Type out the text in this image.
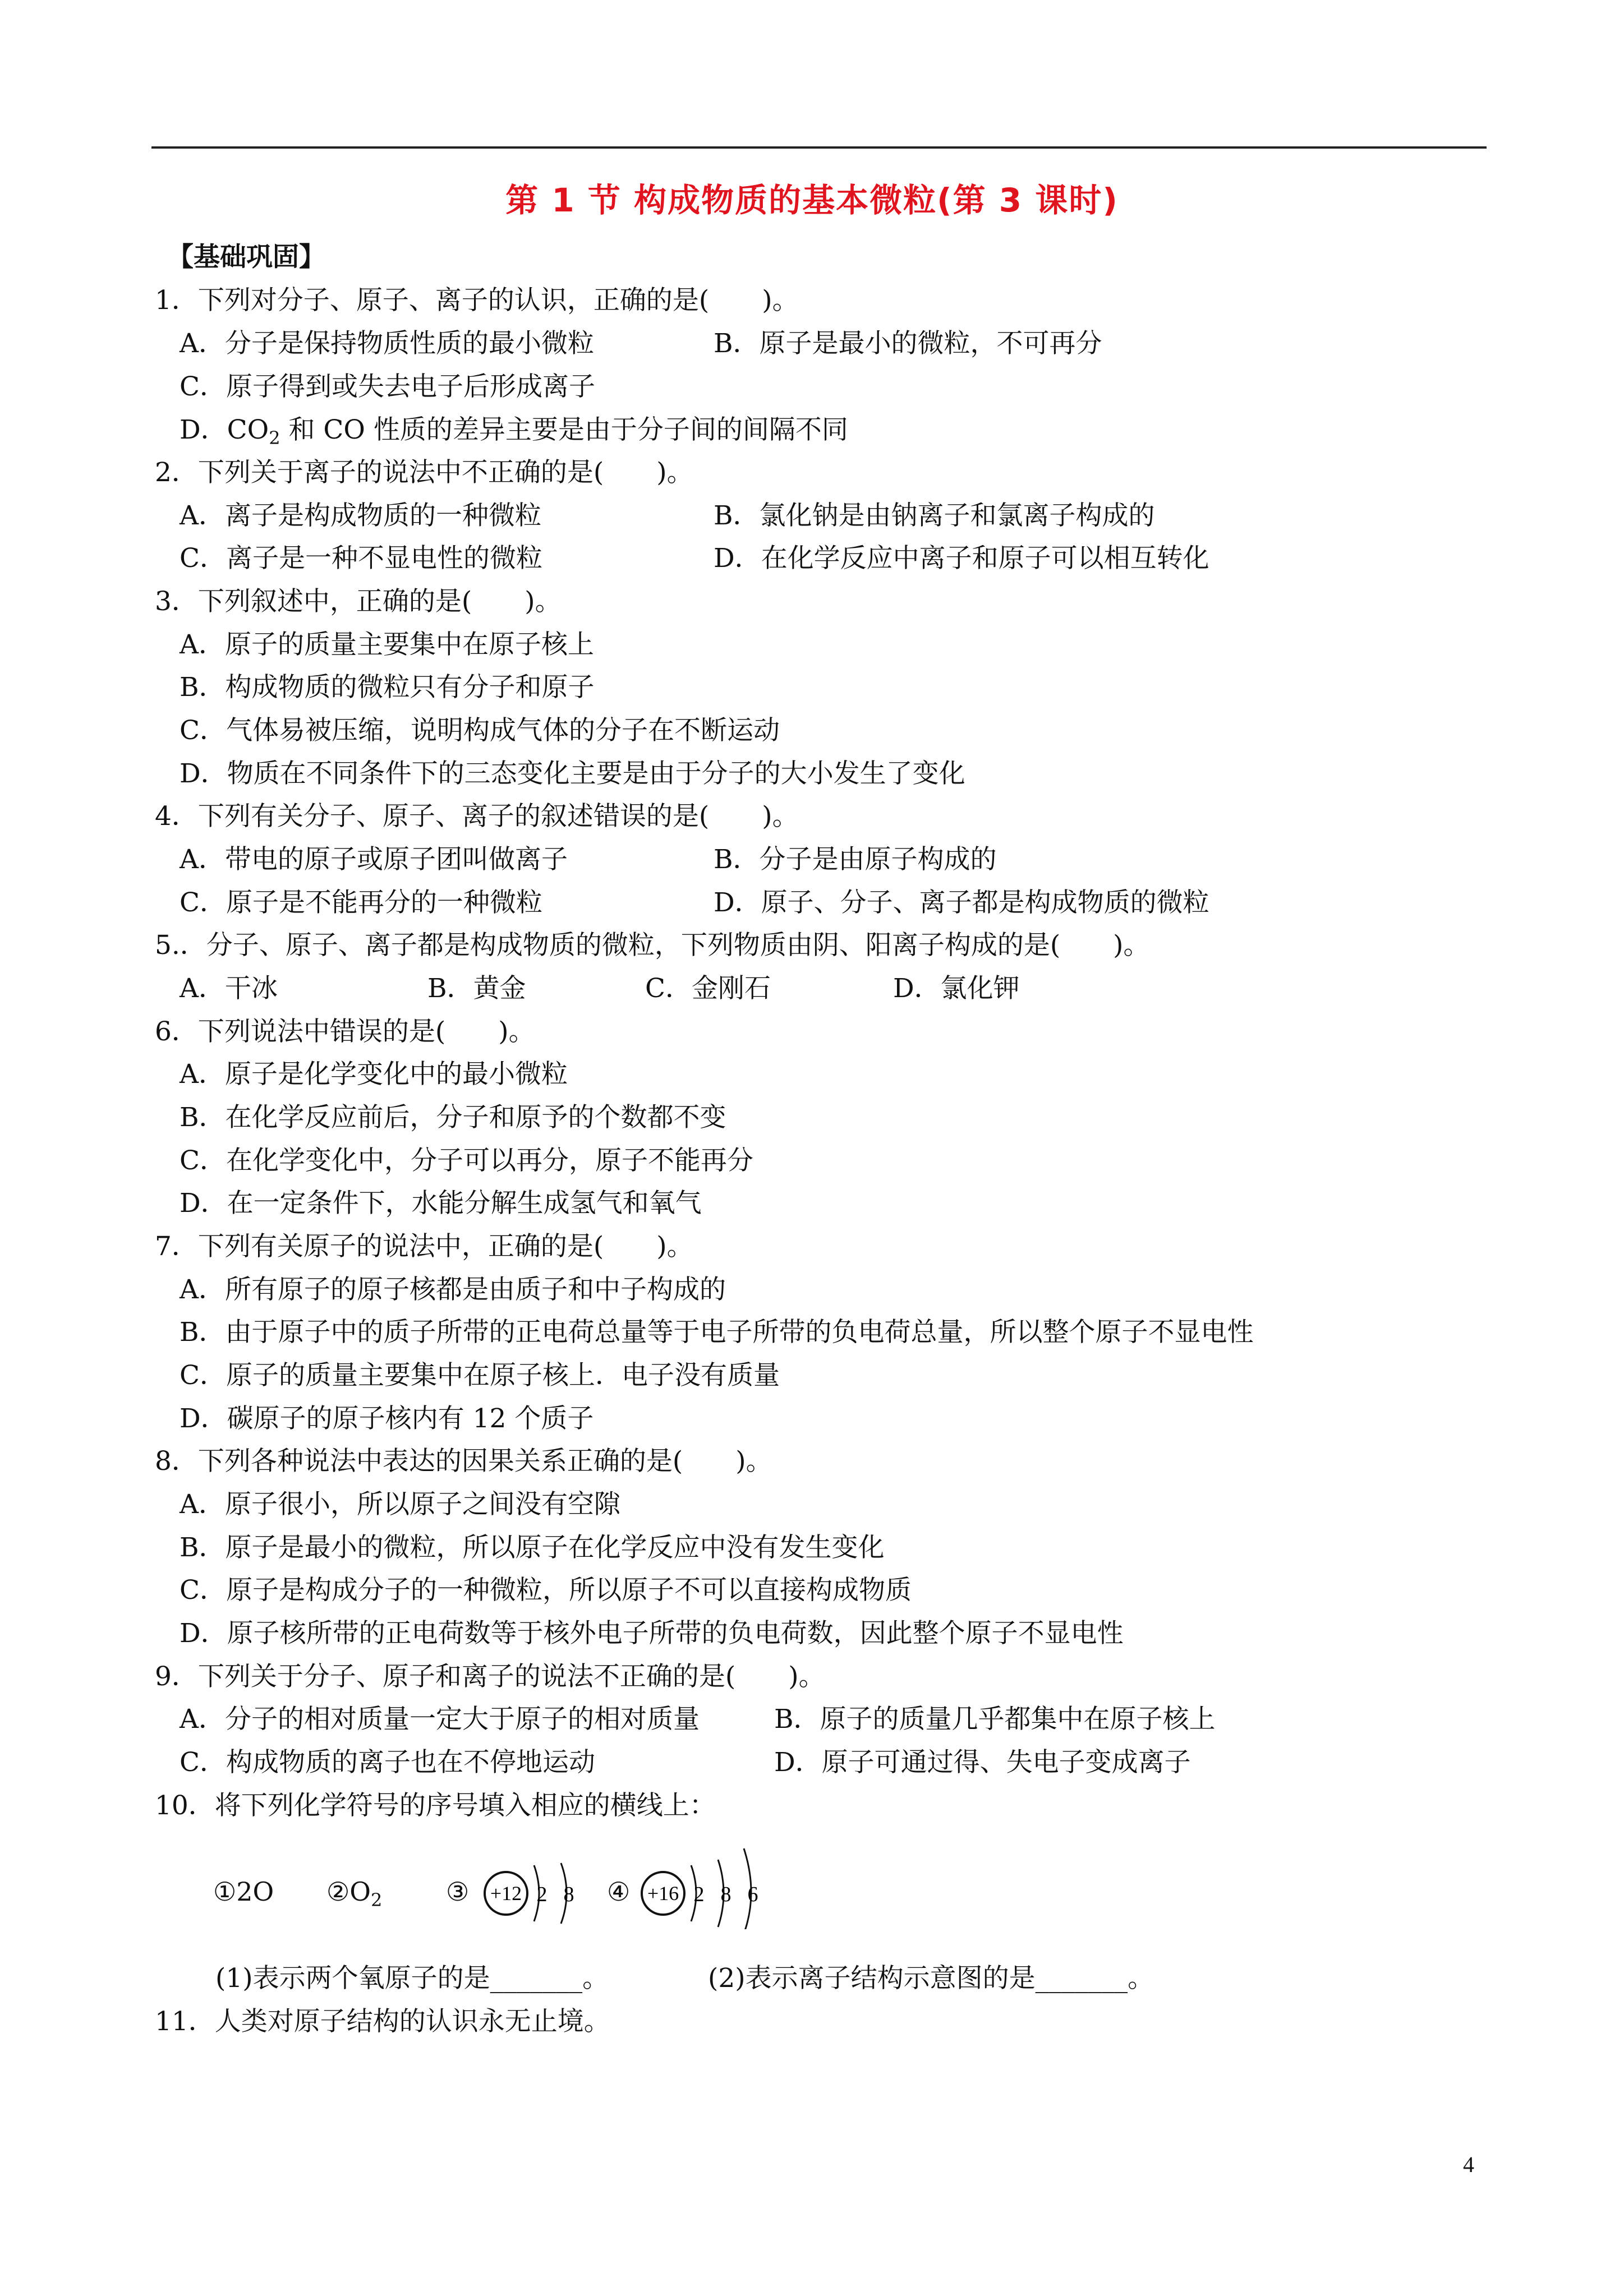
第 1 节 构成物质的基本微粒(第 3 课时)
【基础巩固】
1．下列对分子、原子、离子的认识，正确的是(　　)。
A．分子是保持物质性质的最小微粒	B．原子是最小的微粒，不可再分
C．原子得到或失去电子后形成离子
D．$CO_2$ 和 CO 性质的差异主要是由于分子间的间隔不同
2．下列关于离子的说法中不正确的是(　　)。
A．离子是构成物质的一种微粒	B．氯化钠是由钠离子和氯离子构成的
C．离子是一种不显电性的微粒	D．在化学反应中离子和原子可以相互转化
3．下列叙述中，正确的是(　　)。
A．原子的质量主要集中在原子核上
B．构成物质的微粒只有分子和原子
C．气体易被压缩，说明构成气体的分子在不断运动
D．物质在不同条件下的三态变化主要是由于分子的大小发生了变化
4．下列有关分子、原子、离子的叙述错误的是(　　)。
A．带电的原子或原子团叫做离子	B．分子是由原子构成的
C．原子是不能再分的一种微粒	D．原子、分子、离子都是构成物质的微粒
5.．分子、原子、离子都是构成物质的微粒，下列物质由阴、阳离子构成的是(　　)。
A．干冰	B．黄金	C．金刚石	D．氯化钾
6．下列说法中错误的是(　　)。
A．原子是化学变化中的最小微粒
B．在化学反应前后，分子和原予的个数都不变
C．在化学变化中，分子可以再分，原子不能再分
D．在一定条件下，水能分解生成氢气和氧气
7．下列有关原子的说法中，正确的是(　　)。
A．所有原子的原子核都是由质子和中子构成的
B．由于原子中的质子所带的正电荷总量等于电子所带的负电荷总量，所以整个原子不显电性
C．原子的质量主要集中在原子核上．电子没有质量
D．碳原子的原子核内有 12 个质子
8．下列各种说法中表达的因果关系正确的是(　　)。
A．原子很小，所以原子之间没有空隙
B．原子是最小的微粒，所以原子在化学反应中没有发生变化
C．原子是构成分子的一种微粒，所以原子不可以直接构成物质
D．原子核所带的正电荷数等于核外电子所带的负电荷数，因此整个原子不显电性
9．下列关于分子、原子和离子的说法不正确的是(　　)。
A．分子的相对质量一定大于原子的相对质量	B．原子的质量几乎都集中在原子核上
C．构成物质的离子也在不停地运动	D．原子可通过得、失电子变成离子
10．将下列化学符号的序号填入相应的横线上：
①2O $②O_2$ ③ +12 2 8 ④ +16 2 8 6
(1)表示两个氧原子的是_______。	(2)表示离子结构示意图的是_______。
11．人类对原子结构的认识永无止境。
4
